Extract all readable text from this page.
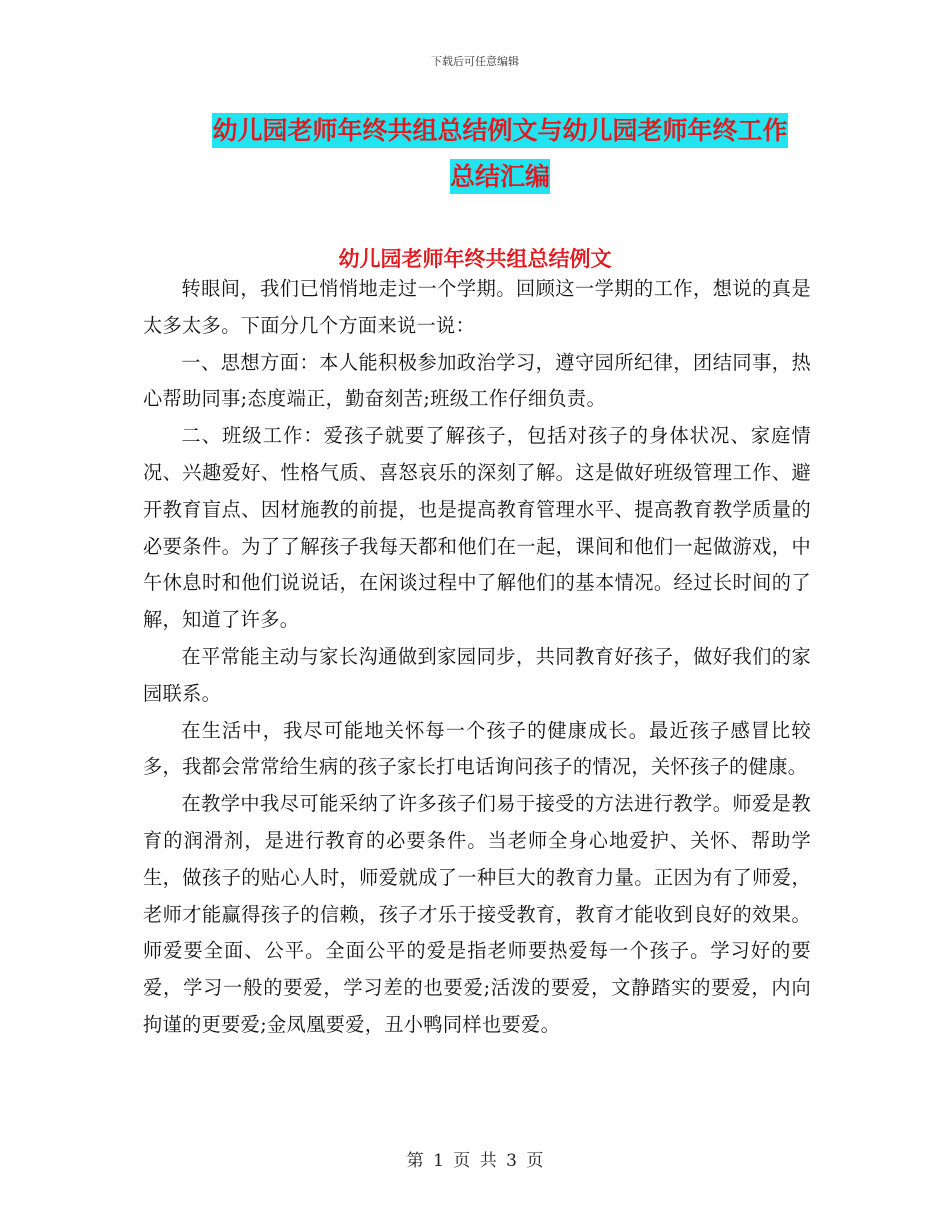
下载后可任意编辑
幼儿园老师年终共组总结例文与幼儿园老师年终工作
总结汇编
幼儿园老师年终共组总结例文

转眼间，我们已悄悄地走过一个学期。回顾这一学期的工作，想说的真是太多太多。下面分几个方面来说一说：

一、思想方面：本人能积极参加政治学习，遵守园所纪律，团结同事，热心帮助同事;态度端正，勤奋刻苦;班级工作仔细负责。

二、班级工作：爱孩子就要了解孩子，包括对孩子的身体状况、家庭情况、兴趣爱好、性格气质、喜怒哀乐的深刻了解。这是做好班级管理工作、避开教育盲点、因材施教的前提，也是提高教育管理水平、提高教育教学质量的必要条件。为了了解孩子我每天都和他们在一起，课间和他们一起做游戏，中午休息时和他们说说话，在闲谈过程中了解他们的基本情况。经过长时间的了解，知道了许多。

在平常能主动与家长沟通做到家园同步，共同教育好孩子，做好我们的家园联系。

在生活中，我尽可能地关怀每一个孩子的健康成长。最近孩子感冒比较多，我都会常常给生病的孩子家长打电话询问孩子的情况，关怀孩子的健康。

在教学中我尽可能采纳了许多孩子们易于接受的方法进行教学。师爱是教育的润滑剂，是进行教育的必要条件。当老师全身心地爱护、关怀、帮助学生，做孩子的贴心人时，师爱就成了一种巨大的教育力量。正因为有了师爱，老师才能赢得孩子的信赖，孩子才乐于接受教育，教育才能收到良好的效果。师爱要全面、公平。全面公平的爱是指老师要热爱每一个孩子。学习好的要爱，学习一般的要爱，学习差的也要爱;活泼的要爱，文静踏实的要爱，内向拘谨的更要爱;金凤凰要爱，丑小鸭同样也要爱。

第 1 页 共 3 页
